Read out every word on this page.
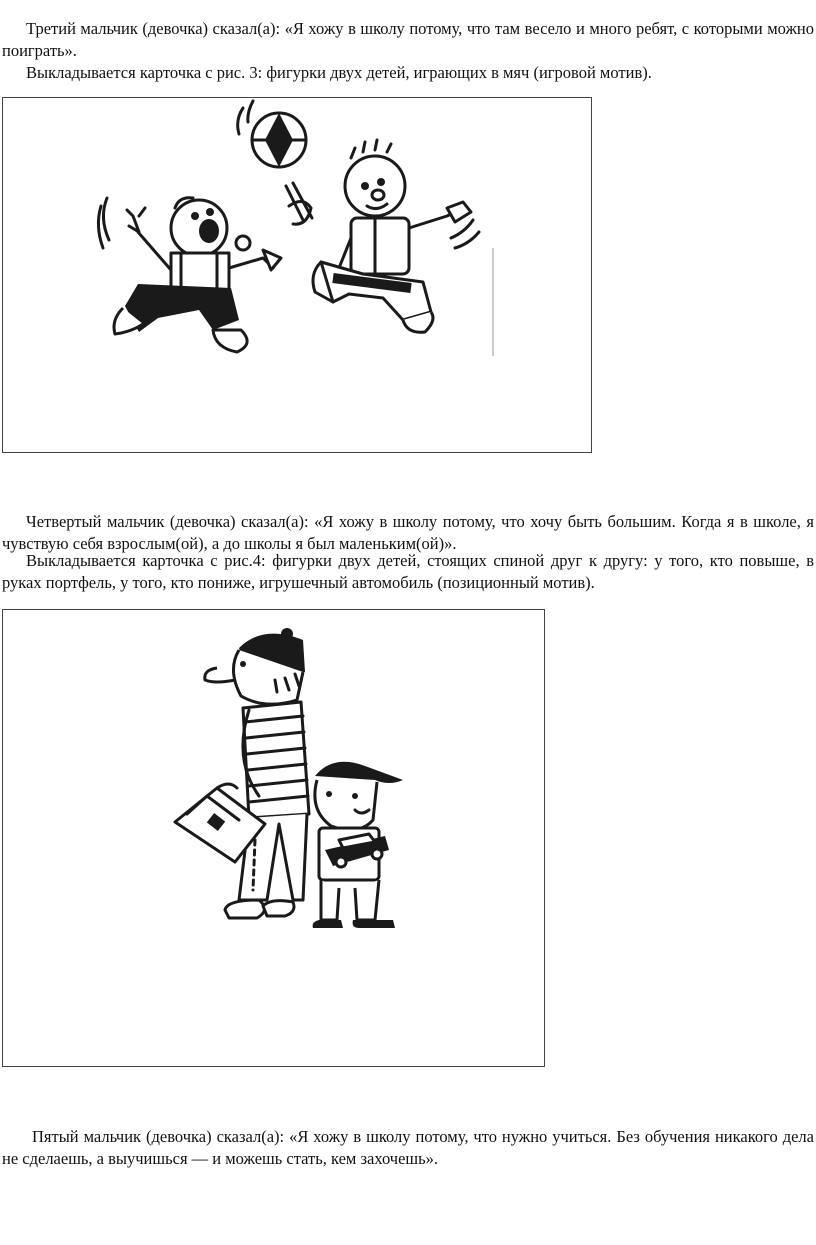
Третий мальчик (девочка) сказал(а): «Я хожу в школу потому, что там весело и много ребят, с которыми можно поиграть».

Выкладывается карточка с рис. 3: фигурки двух детей, играющих в мяч (игровой мотив).

Четвертый мальчик (девочка) сказал(а): «Я хожу в школу потому, что хочу быть большим. Когда я в школе, я чувствую себя взрослым(ой), а до школы я был маленьким(ой)».

Выкладывается карточка с рис.4: фигурки двух детей, стоящих спиной друг к другу: у того, кто повыше, в руках портфель, у того, кто пониже, игрушечный автомобиль (позиционный мотив).

Пятый мальчик (девочка) сказал(а): «Я хожу в школу потому, что нужно учиться. Без обучения никакого дела не сделаешь, а выучишься — и можешь стать, кем захочешь».
